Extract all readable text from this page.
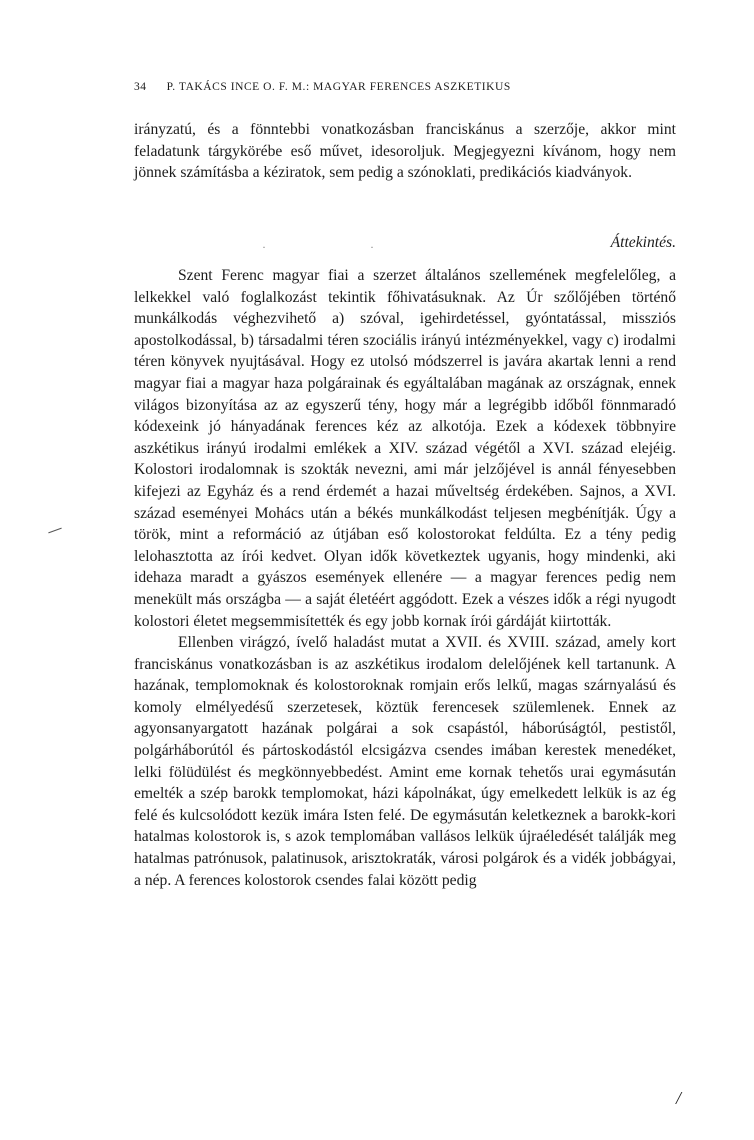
34 P. TAKÁCS INCE O. F. M.: MAGYAR FERENCES ASZKETIKUS

irányzatú, és a fönntebbi vonatkozásban franciskánus a szerzője, akkor mint feladatunk tárgykörébe eső művet, idesoroljuk. Megjegyezni kívánom, hogy nem jönnek számításba a kéziratok, sem pedig a szónoklati, predikációs kiadványok.

·	·	Áttekintés.

Szent Ferenc magyar fiai a szerzet általános szellemének megfelelőleg, a lelkekkel való foglalkozást tekintik főhivatásuknak. Az Úr szőlőjében történő munkálkodás véghezvihető a) szóval, igehirdetéssel, gyóntatással, missziós apostolkodással, b) társadalmi téren szociális irányú intézményekkel, vagy c) irodalmi téren könyvek nyujtásával. Hogy ez utolsó módszerrel is javára akartak lenni a rend magyar fiai a magyar haza polgárainak és egyáltalában magának az országnak, ennek világos bizonyítása az az egyszerű tény, hogy már a legrégibb időből fönnmaradó kódexeink jó hányadának ferences kéz az alkotója. Ezek a kódexek többnyire aszkétikus irányú irodalmi emlékek a XIV. század végétől a XVI. század elejéig. Kolostori irodalomnak is szokták nevezni, ami már jelzőjével is annál fényesebben kifejezi az Egyház és a rend érdemét a hazai műveltség érdekében. Sajnos, a XVI. század eseményei Mohács után a békés munkálkodást teljesen megbénítják. Úgy a török, mint a reformáció az útjában eső kolostorokat feldúlta. Ez a tény pedig lelohasztotta az írói kedvet. Olyan idők következtek ugyanis, hogy mindenki, aki idehaza maradt a gyászos események ellenére — a magyar ferences pedig nem menekült más országba — a saját életéért aggódott. Ezek a vészes idők a régi nyugodt kolostori életet megsemmisítették és egy jobb kornak írói gárdáját kiirtották.

Ellenben virágzó, ívelő haladást mutat a XVII. és XVIII. század, amely kort franciskánus vonatkozásban is az aszkétikus irodalom delelőjének kell tartanunk. A hazának, templomoknak és kolostoroknak romjain erős lelkű, magas szárnyalású és komoly elmélyedésű szerzetesek, köztük ferencesek szülemlenek. Ennek az agyonsanyargatott hazának polgárai a sok csapástól, háborúságtól, pestistől, polgárháborútól és pártoskodástól elcsigázva csendes imában kerestek menedéket, lelki fölüdülést és megkönnyebbedést. Amint eme kornak tehetős urai egymásután emelték a szép barokk templomokat, házi kápolnákat, úgy emelkedett lelkük is az ég felé és kulcsolódott kezük imára Isten felé. De egymásután keletkeznek a barokk-kori hatalmas kolostorok is, s azok templomában vallásos lelkük újraéledését találják meg hatalmas patrónusok, palatinusok, arisztokraták, városi polgárok és a vidék jobbágyai, a nép. A ferences kolostorok csendes falai között pedig

/
